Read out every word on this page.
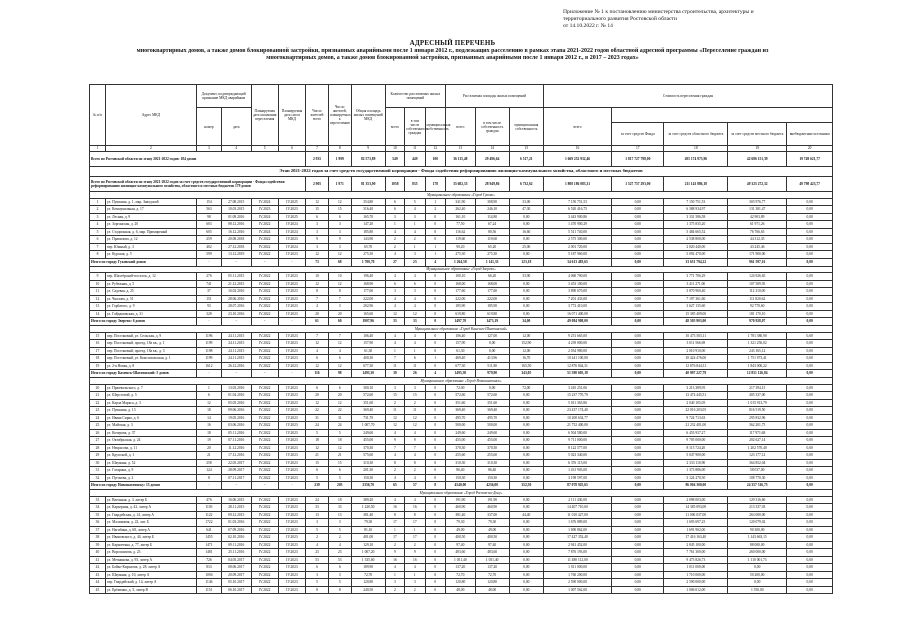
Приложение № 1 к постановлению министерства строительства, архитектуры и
территориального развития Ростовской области
от 14.10.2022 г. № 14
АДРЕСНЫЙ ПЕРЕЧЕНЬ
многоквартирных домов, а также домов блокированной застройки, признанных аварийными после 1 января 2012 г., подлежащих расселению в рамках этапа 2021-2022 годов областной адресной программы «Переселение граждан из
многоквартирных домов, а также домов блокированной застройки, признанных аварийными после 1 января 2012 г., в 2017 – 2023 годах»
№ п/п	Адрес МКД	Документ, подтверждающий признание МКД аварийным		Планируемая дата окончания переселения	Планируемая дата сноса МКД	Число жителей всего	Число жителей, планируемых к переселению	Общая площадь жилых помещений МКД	Количество расселяемых жилых помещений			Расселяемая площадь жилых помещений			Стоимость переселения граждан				
		номер	дата						всего	в том числе собственность граждан	муниципальная собственность	всего	в том числе собственность граждан	муниципальная собственность	всего				
																за счет средств Фонда	за счет средств областного бюджета	за счет средств местного бюджета	внебюджетные источники
1	2	3	4	5	6	7	8	9	10	11	12	13	14	15	16	17	18	19	20
Всего по Ростовской области по этапу 2021-2022 годов: 184 домов						2 935	1 999	82 573,89	549	449	100	36 115,48	29 496,64	6 517,21	1 669 252 932,46	1 817 727 798,00	205 174 973,96	42 686 151,39	19 749 621,77
Этап 2021-2022 годов за счет средств государственной корпорации - Фонда содействия реформированию жилищно-коммунального хозяйства, областного и местных бюджетов																			
Всего по Ростовской области по этапу 2021-2022 годов за счет средств государственной корпорации - Фонда содействия реформированию жилищно-коммунального хозяйства, областного и местных бюджетов 179 домов						2 905	1 971	81 353,90	1058	835	178	35 682,35	28 949,86	6 732,62	1 808 186 083,31	1 527 757 293,00	211 143 886,18	49 325 272,32	49 798 423,77
Муниципальное образование «Город Гуково»																			
1	ул. Пушкина, д. 1, мкр. Заводской	154	27.08.2015	IV.2024	IV.2025	12	12	354,80	6	5	1	341,90	308,90	33,00	7 150 751,53	0,00	7 150 751,53	303 976,77	0,00
2	ул. Коммунальная, д. 17	563	10.03.2015	IV.2023	IV.2023	15	15	316,40	6	4	2	262,40	246,10	47,30	6 520 416,75	0,00	6 388 934,97	131 381,47	0,00
3	ул. Лесная, д. 9	98	01.09.2016	IV.2024	IV.2025	6	6	165,70	3	3	0	161,10	114,80	0,00	3 443 900,86	0,00	3 331 586,58	42 903,89	0,00
4	ул. Зорганская, д. 20	603	08.12.2016	IV.2022	IV.2024	3	3	147,20	1	1	0	77,50	67,24	0,00	1 470 900,29	0,00	1 375 835,20	61 971,26	0,00
5	ул. Стадионная, д. 6, мкр. Примиреный	605	16.12.2016	IV.2024	IV.2024	3	3	185,80	4	4	0	116,62	80,56	16,60	5 511 740,00	0,00	5 484 665,52	76 766,65	0,00
6	ул. Правилова, д. 12	259	20.08.2018	IV.2022	IV.2023	9	9	143,90	2	2	0	119,60	119,60	0,00	2 575 300,00	0,00	2 538 800,00	44 312,35	0,00
7	пер. Южный, д. 3	402	27.12.2018	IV.2022	IV.2024	3	3	65,70	2	1	1	90,20	65,20	25,00	2 001 720,00	0,00	2 020 440,00	43 245,46	0,00
8	ул. Курская, д. 5	599	13.12.2019	IV.2022	IV.2023	12	12	275,30	4	3	1	275,30	275,30	0,00	5 187 960,00	0,00	5 092 470,00	171 900,00	0,00
Итого по городу Гуковский домов		-	-	-	-	73	68	1 700,70	27	23	4	1 264,58	1 141,33	123,18	34 613 483,65	0,00	33 651 794,22	961 597,16	0,00
Муниципальное образование «Город Зверево»																			
9	пер. Шахтёрский-поселок, д. 12	276	05.11.2015	IV.2022	IV.2023	10	10	196,40	4	4	0	100,10	66,20	33,90	4 060 700,00	0,00	3 771 706,29	124 926,65	0,00
10	ул. Рубежная, д. 5	741	21.12.2015	IV.2022	IV.2023	12	12	168,90	6	6	0	168,00	168,00	0,00	3 453 100,00	0,00	3 411 271,00	107 509,95	0,00
11	ул. Садовая, д. 25	37	16.02.2016	IV.2022	IV.2023	8	8	177,60	3	3	0	177,60	177,60	0,00	3 890 670,00	0,00	3 870 960,40	112 310,00	0,00
12	ул. Чкалова, д. 51	151	28.06.2016	IV.2022	IV.2023	7	7	222,00	4	4	0	222,00	222,00	0,00	7 201 433,00	0,00	7 197 361,60	111 820,62	0,00
13	ул. Горбатого, д. 9	93	28.07.2016	IV.2022	IV.2023	4	3	202,96	4	4	0	185,90	185,90	0,00	3 772 410,00	0,00	3 627 135,60	92 770,60	0,00
14	ул. Гайдашовская, д. 31	328	23.10.2016	IV.2022	IV.2023	20	20	165,60	12	12	0	619,80	619,80	0,00	16 071 400,00	0,00	15 385 409,00	181 170,10	0,00
Итого по городу Зверево: 6 домов		-	-	-	-	61	60	1907,96	33	33	0	1497,70	1473,19	34,00	49 084 908,00	0,00	48 505 903,00	970 928,07	0,00
Муниципальное образование «Город Каменск-Шахтинский»																			
15	пер. Поселковый, ул. Сельская, д. 9	1196	24.11.2015	IV.2022	IV.2023	7	7	106,40	4	4	0	106,40	127,00	12,00	9 251 665,00	0,00	10 473 503,11	1 781 380,90	0,00
16	пер. Поселковый, проезд, 18а кв., д. 1	1199	24.11.2015	IV.2022	IV.2023	12	12	157,90	4	4	0	157,90	0,00	152,90	4 239 800,00	0,00	3 011 566,69	1 321 256,02	0,00
17	пер. Поселковый, проезд, 18а кв., д. 3	1198	24.11.2015	IV.2022	IV.2023	4	4	61,30	1	1	0	61,30	0,00	12,00	2 034 980,00	0,00	2 010 910,00	243 165,12	0,00
18	пер. Поселковый, ул. Комсомольская, д. 1	1199	24.11.2015	IV.2022	IV.2023	6	6	400,30	7	6	1	469,40	413,96	16,70	10 441 100,00	0,00	10 424 476,00	1 751 973,41	0,00
19	ул. 2-я Новая, д. 8	1612	26.12.2016	IV.2022	IV.2023	12	12	677,30	11	11	0	677,30	511,80	165,50	12 876 844,31	0,00	12 876 844,31	1 843 000,22	0,00
Итого по городу Каменск-Шахтинский: 5 домов		-	-	-	-	116	98	1493,30	30	26	4	1495,30	979,90	343,05	51 390 605,18	0,00	40 997 227,79	12 851 126,84	0,00
Муниципальное образование «Город Новошахтинск»																			
20	ул. Пржевальского, д. 7	1	13.03.2016	IV.2022	IV.2023	6	6	300,10	3	3	0	72,00	0,00	72,00	3 410 251,06	0,00	3 213 389,95	217 394,15	0,00
21	ул. Шерстовой, д. 5	6	01.04.2016	IV.2022	IV.2023	20	20	572,60	15	15	0	572,60	572,60	0,00	15 237 770,79	0,00	13 474 445,51	405 337,00	0,00
22	ул. Карла Маркса, д. 3	12	05.05.2016	IV.2022	IV.2023	12	12	351,60	2	2	0	351,60	351,60	0,00	5 011 365,86	0,00	2 040 105,05	1 015 913,79	0,00
23	ул. Пушкина, д. 13	18	09.06.2016	IV.2022	IV.2023	22	22	369,40	11	11	0	369,40	369,40	0,00	23 437 174,40	0,00	22 016 203,05	816 519,50	0,00
24	ул. Ивана Сирко, д. 6	14	19.05.2016	IV.2022	IV.2023	31	31	731,70	12	12	0	495,70	495,70	0,00	10 200 634,77	0,00	9 724 713,63	295 832,96	0,00
25	ул. Майская, д. 3	16	03.06.2016	IV.2022	IV.2023	24	24	1 007,70	12	12	0	500,00	500,00	0,00	21 752 400,00	0,00	21 232 401,00	362 201,75	0,00
26	ул. Кочерова, д. 37	18	05.11.2016	IV.2022	IV.2023	5	5	249,60	4	4	0	249,60	249,60	0,00	6 504 580,00	0,00	6 453 937,27	117 971,68	0,00
27	ул. Октябрьская, д. 24	19	07.11.2016	IV.2022	IV.2023	18	18	455,00	9	9	0	455,00	455,00	0,00	9 711 000,00	0,00	9 705 000,00	202 627,14	0,00
28	ул. Некрасова, д. 11	20	11.12.2016	IV.2022	IV.2023	12	12	370,30	7	7	0	370,30	370,30	0,00	8 122 577,00	0,00	8 115 724,20	1 202 570,40	0,00
29	ул. Крупской, д. 1	21	17.12.2016	IV.2022	IV.2023	21	21	575,60	4	4	0	255,60	255,60	0,00	5 023 340,00	0,00	5 047 900,00	123 177,12	0,00
30	ул. Шаумяна, д. 52	258	22.05.2017	IV.2022	IV.2023	15	15	310,30	8	8	0	310,30	310,30	0,00	6 376 115,00	0,00	2 333 110,90	364 852,04	0,00
31	ул. Гагарина, д. 9	124	28.09.2017	IV.2022	IV.2023	6	6	201,30	2	2	0	86,40	86,40	0,00	1 431 903,00	0,00	1 373 886,00	58 037,00	0,00
32	ул. Пугачева, д. 2	8	07.11.2017	IV.2022	IV.2023	5	5	150,30	4	4	0	150,30	150,30	0,00	3 198 597,00	0,00	3 124 270,50	108 770,30	0,00
Итого по городу Новошахтинску: 13 домов		-	-	-	-	239	203	2356,70	65	57	8	4540,00	4236,00	352,50	87 078 925,65	0,00	86 004 300,00	24 357 316,75	0,00
Муниципальное образование «Город Ростов-на-Дону»																			
33	ул. Вагонная, д. 3, литер Б	476	16.06.2015	IV.2022	IV.2023	24	18	389,20	4	4	0	191,90	191,90	0,00	2 111 430,00	0,00	2 098 003,00	129 316,60	0,00
34	ул. Карьерная, д. 42, литер А	1103	28.11.2015	IV.2022	IV.2023	33	33	1 220,50	16	16	0	460,90	460,90	0,00	14 407 710,60	0,00	14 385 093,00	213 337,03	0,00
35	ул. Гвардейская, д. 14, литер А	1122	09.12.2015	IV.2022	IV.2023	13	13	381,40	8	8	0	381,40	337,00	44,40	11 010 427,00	0,00	11 006 037,00	263 000,00	0,00
36	ул. Малиновая, д. 22, лит. Б	1722	01.03.2016	IV.2022	IV.2023	3	3	79,30	17	17	0	79,30	79,30	0,00	1 676 889,00	0,00	1 693 697,25	120 079,02	0,00
37	ул. Нагибина, д. 68, литер А	641	07.09.2016	IV.2022	IV.2023	5	5	81,10	1	1	0	49,00	49,00	0,00	1 690 862,00	0,00	1 691 902,00	90 300,00	0,00
38	ул. Ивановского, д. 44, литер Б	1455	02.10.2016	IV.2022	IV.2023	2	2	401,00	17	17	0	400,50	400,50	0,00	17 427 352,40	0,00	17 416 163,40	1 143 663,15	0,00
39	ул. Карапетяна, д. 77, литер Б	1471	09.11.2016	IV.2022	IV.2023	4	4	129,10	2	2	0	97,40	97,40	0,00	2 941 452,00	0,00	2 845 100,00	88 000,00	0,00
40	ул. Ворошилова, д. 23	1481	25.11.2016	IV.2022	IV.2023	23	23	1 007,20	9	9	0	483,60	483,60	0,00	7 876 193,00	0,00	7 761 300,00	260 000,00	0,00
41	ул. Мечникова, д. 93, литер А	726	04.05.2017	IV.2022	IV.2023	53	53	1 335,60	16	16	0	1 051,40	1 051,40	0,00	11 480 112,00	0,00	9 473 826,73	1 110 001,73	0,00
42	ул. Бойко-Кирилова, д. 28, литер А	833	08.06.2017	IV.2022	IV.2023	6	6	189,90	4	4	0	137,20	137,20	0,00	1 011 000,00	0,00	1 011 000,00	0,00	0,00
43	ул. Шаумяна, д. 10, литер А	1094	20.09.2017	IV.2022	IV.2023	3	3	72,70	1	1	0	72,70	72,70	0,00	1 760 200,00	0,00	1 710 000,00	50 200,00	0,00
44	пер. Гвардейский, д. 14, литер А	1146	05.10.2017	IV.2022	IV.2023	5	5	120,80	3	3	0	120,80	120,80	0,00	2 590 000,00	0,00	2 590 000,00	0,00	0,00
45	ул. Ерёменко, д. 5, литер В	1151	06.10.2017	IV.2022	IV.2023	8	8	240,50	2	2	0	48,00	48,00	0,00	1 007 562,00	0,00	1 006 012,00	1 550,00	0,00
